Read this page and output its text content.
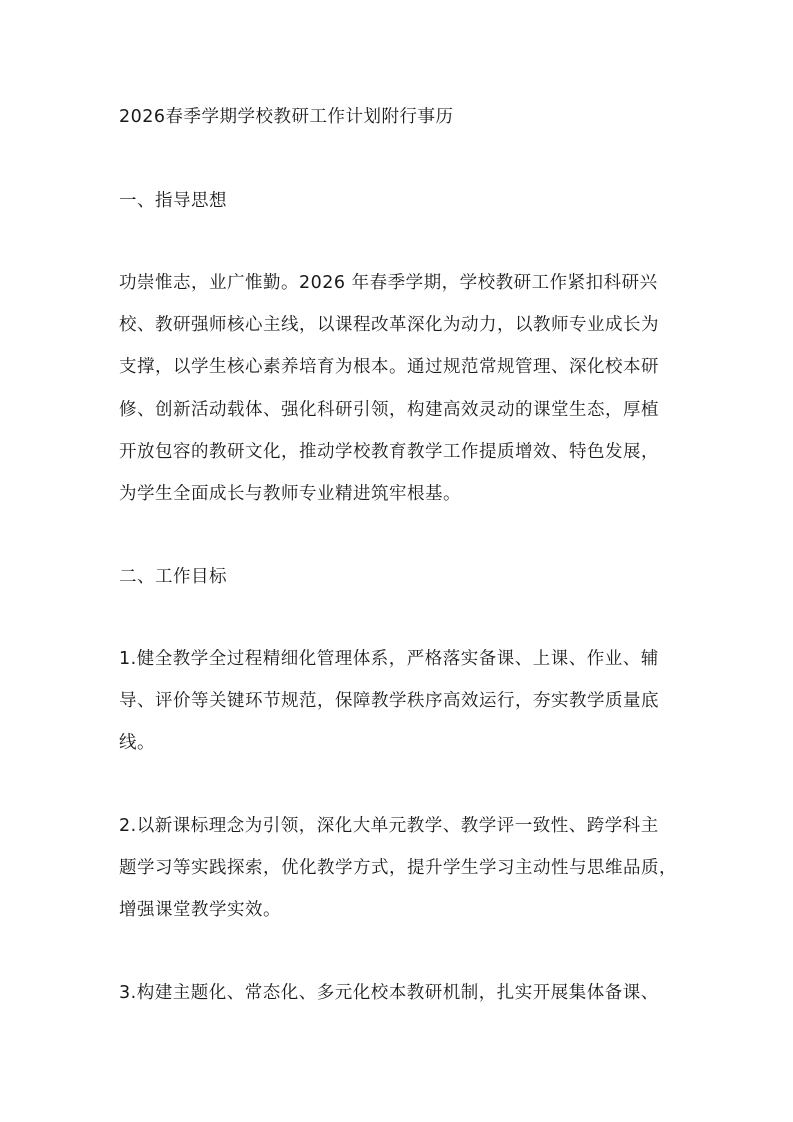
2026春季学期学校教研工作计划附行事历
一、指导思想
功崇惟志，业广惟勤。2026 年春季学期，学校教研工作紧扣科研兴
校、教研强师核心主线，以课程改革深化为动力，以教师专业成长为
支撑，以学生核心素养培育为根本。通过规范常规管理、深化校本研
修、创新活动载体、强化科研引领，构建高效灵动的课堂生态，厚植
开放包容的教研文化，推动学校教育教学工作提质增效、特色发展，
为学生全面成长与教师专业精进筑牢根基。
二、工作目标
1.健全教学全过程精细化管理体系，严格落实备课、上课、作业、辅
导、评价等关键环节规范，保障教学秩序高效运行，夯实教学质量底
线。
2.以新课标理念为引领，深化大单元教学、教学评一致性、跨学科主
题学习等实践探索，优化教学方式，提升学生学习主动性与思维品质，
增强课堂教学实效。
3.构建主题化、常态化、多元化校本教研机制，扎实开展集体备课、
